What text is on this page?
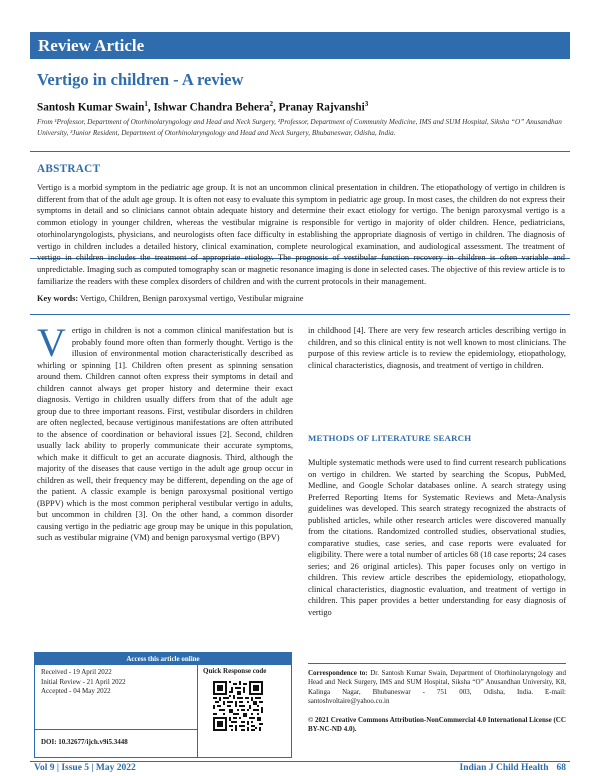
Review Article
Vertigo in children - A review
Santosh Kumar Swain$^1$, Ishwar Chandra Behera$^2$, Pranay Rajvanshi$^3$
From ¹Professor, Department of Otorhinolaryngology and Head and Neck Surgery, ²Professor, Department of Community Medicine, IMS and SUM Hospital, Siksha “O” Anusandhan University, ³Junior Resident, Department of Otorhinolaryngology and Head and Neck Surgery, Bhubaneswar, Odisha, India.
ABSTRACT
Vertigo is a morbid symptom in the pediatric age group. It is not an uncommon clinical presentation in children. The etiopathology of vertigo in children is different from that of the adult age group. It is often not easy to evaluate this symptom in pediatric age group. In most cases, the children do not express their symptoms in detail and so clinicians cannot obtain adequate history and determine their exact etiology for vertigo. The benign paroxysmal vertigo is a common etiology in younger children, whereas the vestibular migraine is responsible for vertigo in majority of older children. Hence, pediatricians, otorhinolaryngologists, physicians, and neurologists often face difficulty in establishing the appropriate diagnosis of vertigo in children. The diagnosis of vertigo in children includes a detailed history, clinical examination, complete neurological examination, and audiological assessment. The treatment of vertigo in children includes the treatment of appropriate etiology. The prognosis of vestibular function recovery in children is often variable and unpredictable. Imaging such as computed tomography scan or magnetic resonance imaging is done in selected cases. The objective of this review article is to familiarize the readers with these complex disorders of children and with the current protocols in their management.
Key words: Vertigo, Children, Benign paroxysmal vertigo, Vestibular migraine
Vertigo in children is not a common clinical manifestation but is probably found more often than formerly thought. Vertigo is the illusion of environmental motion characteristically described as whirling or spinning [1]. Children often present as spinning sensation around them. Children cannot often express their symptoms in detail and children cannot always get proper history and determine their exact diagnosis. Vertigo in children usually differs from that of the adult age group due to three important reasons. First, vestibular disorders in children are often neglected, because vertiginous manifestations are often attributed to the absence of coordination or behavioral issues [2]. Second, children usually lack ability to properly communicate their accurate symptoms, which make it difficult to get an accurate diagnosis. Third, although the majority of the diseases that cause vertigo in the adult age group occur in children as well, their frequency may be different, depending on the age of the patient. A classic example is benign paroxysmal positional vertigo (BPPV) which is the most common peripheral vestibular vertigo in adults, but uncommon in children [3]. On the other hand, a common disorder causing vertigo in the pediatric age group may be unique in this population, such as vestibular migraine (VM) and benign paroxysmal vertigo (BPV)
in childhood [4]. There are very few research articles describing vertigo in children, and so this clinical entity is not well known to most clinicians. The purpose of this review article is to review the epidemiology, etiopathology, clinical characteristics, diagnosis, and treatment of vertigo in children.
METHODS OF LITERATURE SEARCH
Multiple systematic methods were used to find current research publications on vertigo in children. We started by searching the Scopus, PubMed, Medline, and Google Scholar databases online. A search strategy using Preferred Reporting Items for Systematic Reviews and Meta-Analysis guidelines was developed. This search strategy recognized the abstracts of published articles, while other research articles were discovered manually from the citations. Randomized controlled studies, observational studies, comparative studies, case series, and case reports were evaluated for eligibility. There were a total number of articles 68 (18 case reports; 24 cases series; and 26 original articles). This paper focuses only on vertigo in children. This review article describes the epidemiology, etiopathology, clinical characteristics, diagnostic evaluation, and treatment of vertigo in children. This paper provides a better understanding for easy diagnosis of vertigo
Access this article online
Received - 19 April 2022
Initial Review - 21 April 2022
Accepted - 04 May 2022
DOI: 10.32677/ijch.v9i5.3448
Quick Response code	Correspondence to: Dr. Santosh Kumar Swain, Department of Otorhinolaryngology and Head and Neck Surgery, IMS and SUM Hospital, Siksha “O” Anusandhan University, K8, Kalinga Nagar, Bhubaneswar - 751 003, Odisha, India. E-mail: santoshvoltaire@yahoo.co.in
© 2021 Creative Commons Attribution-NonCommercial 4.0 International License (CC BY-NC-ND 4.0).
Vol 9 | Issue 5 | May 2022	Indian J Child Health 68
